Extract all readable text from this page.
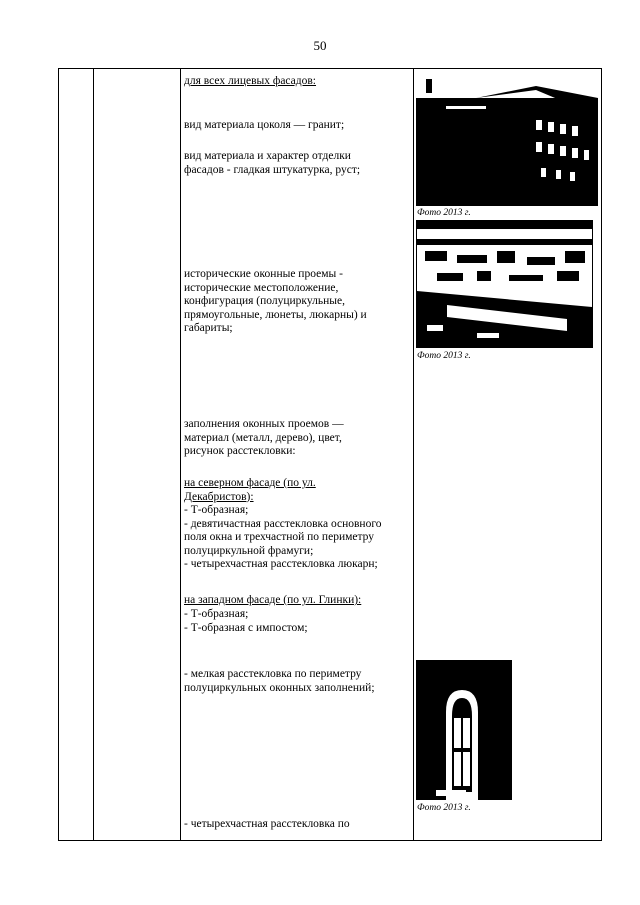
50
для всех лицевых фасадов:
вид материала цоколя — гранит;
вид материала и характер отделки
фасадов - гладкая штукатурка, руст;
исторические оконные проемы -
исторические местоположение,
конфигурация (полуциркульные,
прямоугольные, люнеты, люкарны) и
габариты;
заполнения оконных проемов —
материал (металл, дерево), цвет,
рисунок расстекловки:
на северном фасаде (по ул.
Декабристов):
- Т-образная;
- девятичастная расстекловка основного
поля окна и трехчастной по периметру
полуциркульной фрамуги;
- четырехчастная расстекловка люкарн;
на западном фасаде (по ул. Глинки):
- Т-образная;
- Т-образная с импостом;
- мелкая расстекловка по периметру
полуциркульных оконных заполнений;
- четырехчастная расстекловка по
Фото 2013 г.
Фото 2013 г.
Фото 2013 г.
